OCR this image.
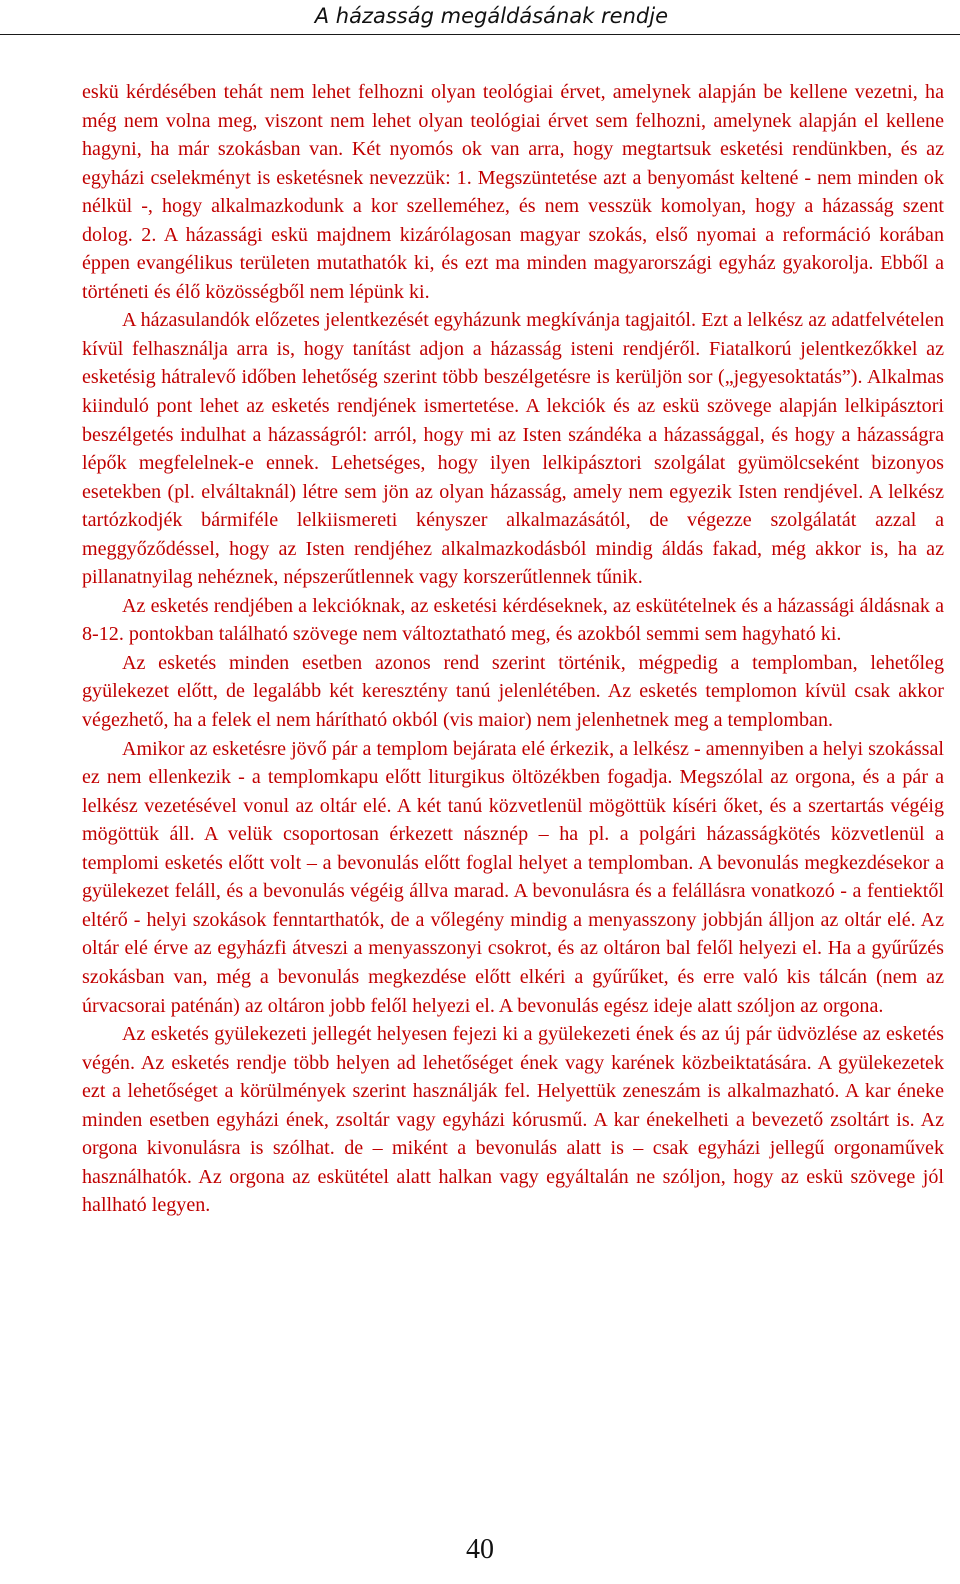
A házasság megáldásának rendje

eskü kérdésében tehát nem lehet felhozni olyan teológiai érvet, amelynek alapján be kellene vezetni, ha még nem volna meg, viszont nem lehet olyan teológiai érvet sem felhozni, amelynek alapján el kellene hagyni, ha már szokásban van. Két nyomós ok van arra, hogy megtartsuk esketési rendünkben, és az egyházi cselekményt is esketésnek nevezzük: 1. Megszüntetése azt a benyomást keltené - nem minden ok nélkül -, hogy alkalmazkodunk a kor szelleméhez, és nem vesszük komolyan, hogy a házasság szent dolog. 2. A házassági eskü majdnem kizárólagosan magyar szokás, első nyomai a reformáció korában éppen evangélikus területen mutathatók ki, és ezt ma minden magyarországi egyház gyakorolja. Ebből a történeti és élő közösségből nem lépünk ki.

A házasulandók előzetes jelentkezését egyházunk megkívánja tagjaitól. Ezt a lelkész az adatfelvételen kívül felhasználja arra is, hogy tanítást adjon a házasság isteni rendjéről. Fiatalkorú jelentkezőkkel az esketésig hátralevő időben lehetőség szerint több beszélgetésre is kerüljön sor („jegyesoktatás”). Alkalmas kiinduló pont lehet az esketés rendjének ismertetése. A lekciók és az eskü szövege alapján lelkipásztori beszélgetés indulhat a házasságról: arról, hogy mi az Isten szándéka a házassággal, és hogy a házasságra lépők megfelelnek-e ennek. Lehetséges, hogy ilyen lelkipásztori szolgálat gyümölcseként bizonyos esetekben (pl. elváltaknál) létre sem jön az olyan házasság, amely nem egyezik Isten rendjével. A lelkész tartózkodjék bármiféle lelkiismereti kényszer alkalmazásától, de végezze szolgálatát azzal a meggyőződéssel, hogy az Isten rendjéhez alkalmazkodásból mindig áldás fakad, még akkor is, ha az pillanatnyilag nehéznek, népszerűtlennek vagy korszerűtlennek tűnik.

Az esketés rendjében a lekcióknak, az esketési kérdéseknek, az eskütételnek és a házassági áldásnak a 8-12. pontokban található szövege nem változtatható meg, és azokból semmi sem hagyható ki.

Az esketés minden esetben azonos rend szerint történik, mégpedig a templomban, lehetőleg gyülekezet előtt, de legalább két keresztény tanú jelenlétében. Az esketés templomon kívül csak akkor végezhető, ha a felek el nem hárítható okból (vis maior) nem jelenhetnek meg a templomban.

Amikor az esketésre jövő pár a templom bejárata elé érkezik, a lelkész - amennyiben a helyi szokással ez nem ellenkezik - a templomkapu előtt liturgikus öltözékben fogadja. Megszólal az orgona, és a pár a lelkész vezetésével vonul az oltár elé. A két tanú közvetlenül mögöttük kíséri őket, és a szertartás végéig mögöttük áll. A velük csoportosan érkezett násznép – ha pl. a polgári házasságkötés közvetlenül a templomi esketés előtt volt – a bevonulás előtt foglal helyet a templomban. A bevonulás megkezdésekor a gyülekezet feláll, és a bevonulás végéig állva marad. A bevonulásra és a felállásra vonatkozó - a fentiektől eltérő - helyi szokások fenntarthatók, de a vőlegény mindig a menyasszony jobbján álljon az oltár elé. Az oltár elé érve az egyházfi átveszi a menyasszonyi csokrot, és az oltáron bal felől helyezi el. Ha a gyűrűzés szokásban van, még a bevonulás megkezdése előtt elkéri a gyűrűket, és erre való kis tálcán (nem az úrvacsorai paténán) az oltáron jobb felől helyezi el. A bevonulás egész ideje alatt szóljon az orgona.

Az esketés gyülekezeti jellegét helyesen fejezi ki a gyülekezeti ének és az új pár üdvözlése az esketés végén. Az esketés rendje több helyen ad lehetőséget ének vagy karének közbeiktatására. A gyülekezetek ezt a lehetőséget a körülmények szerint használják fel. Helyettük zeneszám is alkalmazható. A kar éneke minden esetben egyházi ének, zsoltár vagy egyházi kórusmű. A kar énekelheti a bevezető zsoltárt is. Az orgona kivonulásra is szólhat. de – miként a bevonulás alatt is – csak egyházi jellegű orgonaművek használhatók. Az orgona az eskütétel alatt halkan vagy egyáltalán ne szóljon, hogy az eskü szövege jól hallható legyen.

40
